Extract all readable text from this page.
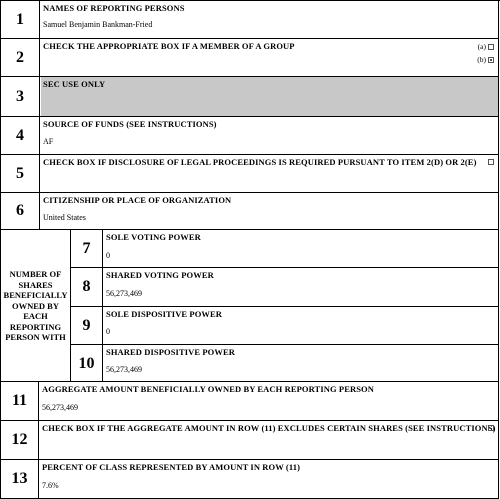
1
NAMES OF REPORTING PERSONS
Samuel Benjamin Bankman-Fried
2
CHECK THE APPROPRIATE BOX IF A MEMBER OF A GROUP	(a)
(b)
3
SEC USE ONLY
4
SOURCE OF FUNDS (SEE INSTRUCTIONS)
AF
5
CHECK BOX IF DISCLOSURE OF LEGAL PROCEEDINGS IS REQUIRED PURSUANT TO ITEM 2(D) OR 2(E)
6
CITIZENSHIP OR PLACE OF ORGANIZATION
United States
NUMBER OF SHARES BENEFICIALLY OWNED BY EACH REPORTING PERSON WITH
7
SOLE VOTING POWER
0
8
SHARED VOTING POWER
56,273,469
9
SOLE DISPOSITIVE POWER
0
10
SHARED DISPOSITIVE POWER
56,273,469
11
AGGREGATE AMOUNT BENEFICIALLY OWNED BY EACH REPORTING PERSON
56,273,469
12
CHECK BOX IF THE AGGREGATE AMOUNT IN ROW (11) EXCLUDES CERTAIN SHARES (SEE INSTRUCTIONS)
13
PERCENT OF CLASS REPRESENTED BY AMOUNT IN ROW (11)
7.6%
